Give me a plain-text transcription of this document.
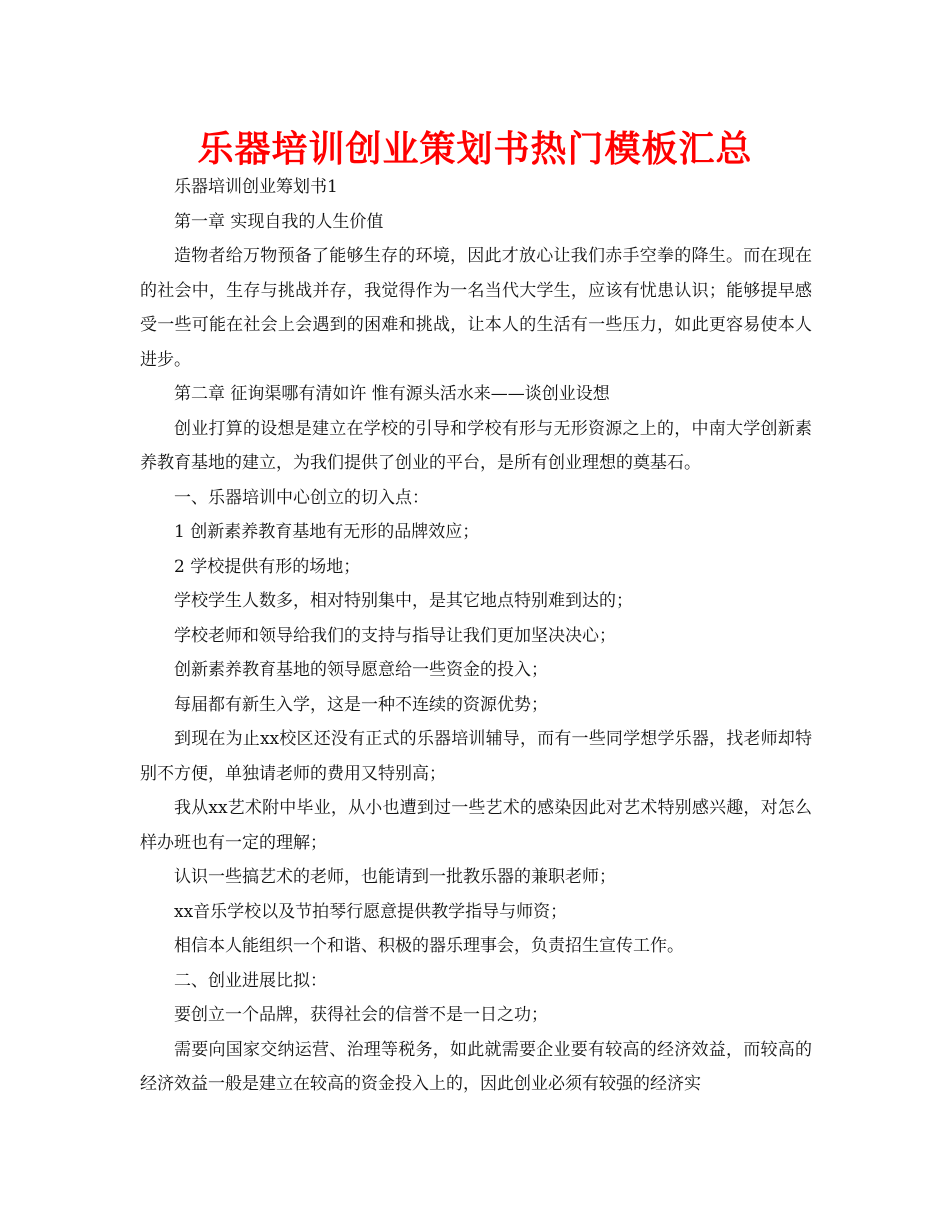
乐器培训创业策划书热门模板汇总

乐器培训创业筹划书1

第一章 实现自我的人生价值

造物者给万物预备了能够生存的环境，因此才放心让我们赤手空拳的降生。而在现在的社会中，生存与挑战并存，我觉得作为一名当代大学生，应该有忧患认识；能够提早感受一些可能在社会上会遇到的困难和挑战，让本人的生活有一些压力，如此更容易使本人进步。

第二章 征询渠哪有清如许 惟有源头活水来——谈创业设想

创业打算的设想是建立在学校的引导和学校有形与无形资源之上的，中南大学创新素养教育基地的建立，为我们提供了创业的平台，是所有创业理想的奠基石。

一、乐器培训中心创立的切入点：

1 创新素养教育基地有无形的品牌效应；

2 学校提供有形的场地；

学校学生人数多，相对特别集中，是其它地点特别难到达的；

学校老师和领导给我们的支持与指导让我们更加坚决决心；

创新素养教育基地的领导愿意给一些资金的投入；

每届都有新生入学，这是一种不连续的资源优势；

到现在为止xx校区还没有正式的乐器培训辅导，而有一些同学想学乐器，找老师却特别不方便，单独请老师的费用又特别高；

我从xx艺术附中毕业，从小也遭到过一些艺术的感染因此对艺术特别感兴趣，对怎么样办班也有一定的理解；

认识一些搞艺术的老师，也能请到一批教乐器的兼职老师；

xx音乐学校以及节拍琴行愿意提供教学指导与师资；

相信本人能组织一个和谐、积极的器乐理事会，负责招生宣传工作。

二、创业进展比拟：

要创立一个品牌，获得社会的信誉不是一日之功；

需要向国家交纳运营、治理等税务，如此就需要企业要有较高的经济效益，而较高的经济效益一般是建立在较高的资金投入上的，因此创业必须有较强的经济实
